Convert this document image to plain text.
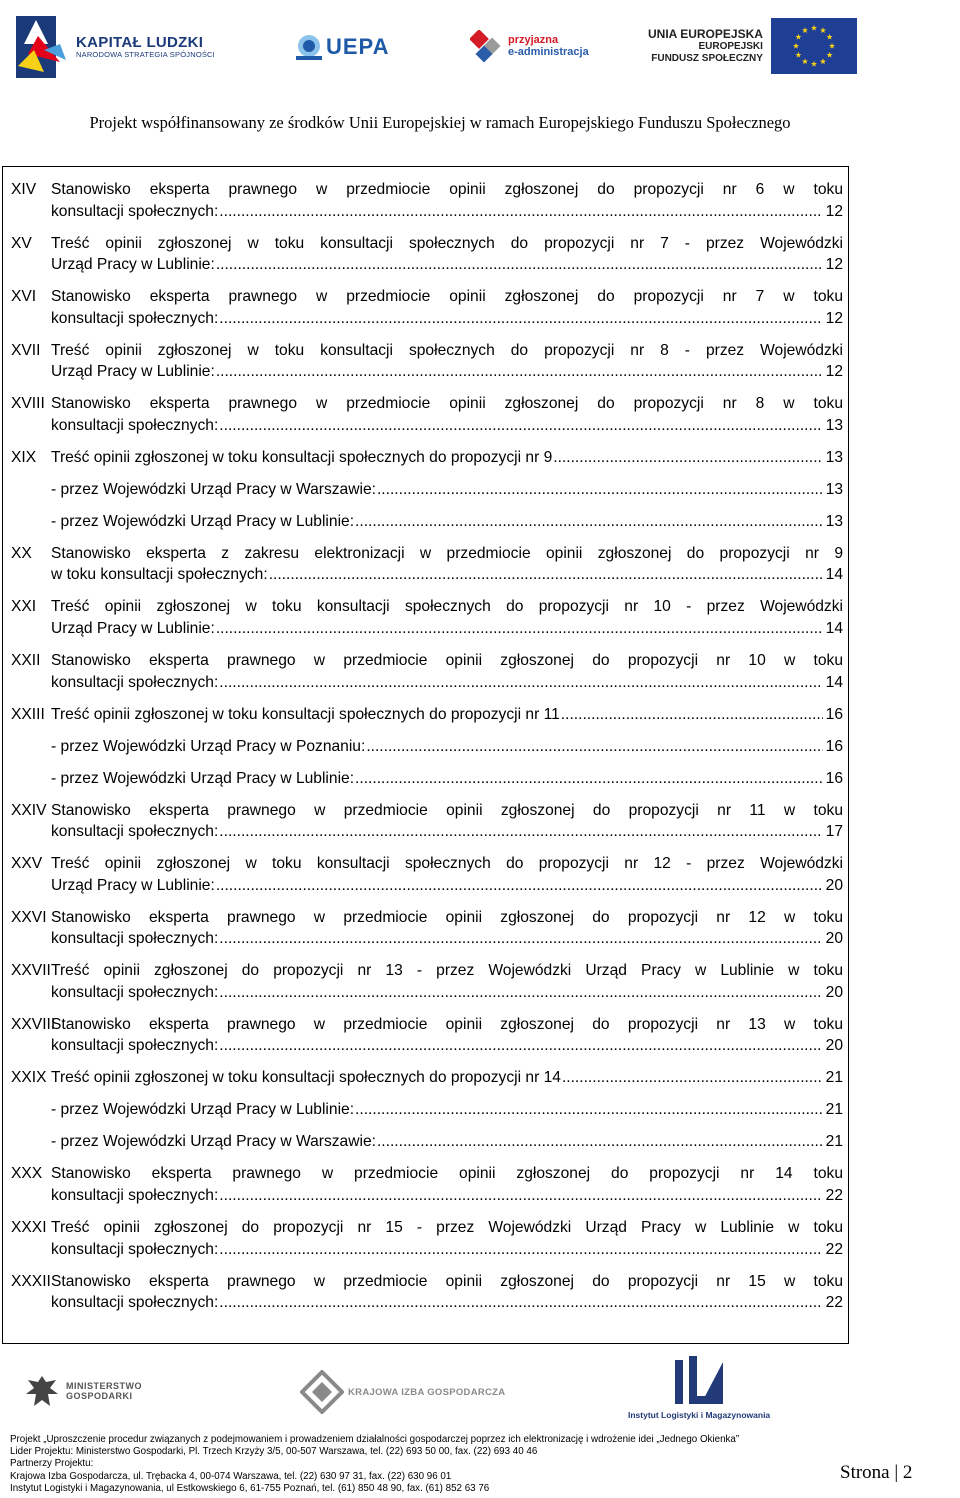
KAPITAŁ LUDZKI
NARODOWA STRATEGIA SPÓJNOŚCI	UEPA	przyjazna
e-administracja
UNIA EUROPEJSKA
EUROPEJSKI
FUNDUSZ SPOŁECZNY
Projekt współfinansowany ze środków Unii Europejskiej w ramach Europejskiego Funduszu Społecznego
XIV Stanowisko eksperta prawnego w przedmiocie opinii zgłoszonej do propozycji nr 6 w toku
konsultacji społecznych: .....	12
XV Treść opinii zgłoszonej w toku konsultacji społecznych do propozycji nr 7 - przez Wojewódzki
Urząd Pracy w Lublinie: .....	12
XVI Stanowisko eksperta prawnego w przedmiocie opinii zgłoszonej do propozycji nr 7 w toku
konsultacji społecznych: .....	12
XVII Treść opinii zgłoszonej w toku konsultacji społecznych do propozycji nr 8 - przez Wojewódzki
Urząd Pracy w Lublinie: .....	12
XVIII Stanowisko eksperta prawnego w przedmiocie opinii zgłoszonej do propozycji nr 8 w toku
konsultacji społecznych: .....	13
XIX Treść opinii zgłoszonej w toku konsultacji społecznych do propozycji nr 9 .....	13
- przez Wojewódzki Urząd Pracy w Warszawie: .....	13
- przez Wojewódzki Urząd Pracy w Lublinie: .....	13
XX Stanowisko eksperta z zakresu elektronizacji w przedmiocie opinii zgłoszonej do propozycji nr 9
w toku konsultacji społecznych: .....	14
XXI Treść opinii zgłoszonej w toku konsultacji społecznych do propozycji nr 10 - przez Wojewódzki
Urząd Pracy w Lublinie: .....	14
XXII Stanowisko eksperta prawnego w przedmiocie opinii zgłoszonej do propozycji nr 10 w toku
konsultacji społecznych: .....	14
XXIII Treść opinii zgłoszonej w toku konsultacji społecznych do propozycji nr 11 .....	16
- przez Wojewódzki Urząd Pracy w Poznaniu: .....	16
- przez Wojewódzki Urząd Pracy w Lublinie: .....	16
XXIV Stanowisko eksperta prawnego w przedmiocie opinii zgłoszonej do propozycji nr 11 w toku
konsultacji społecznych: .....	17
XXV Treść opinii zgłoszonej w toku konsultacji społecznych do propozycji nr 12 - przez Wojewódzki
Urząd Pracy w Lublinie: .....	20
XXVI Stanowisko eksperta prawnego w przedmiocie opinii zgłoszonej do propozycji nr 12 w toku
konsultacji społecznych: .....	20
XXVII Treść opinii zgłoszonej do propozycji nr 13 - przez Wojewódzki Urząd Pracy w Lublinie w toku
konsultacji społecznych: .....	20
XXVIII
Stanowisko eksperta prawnego w przedmiocie opinii zgłoszonej do propozycji nr 13 w toku
konsultacji społecznych: .....	20
XXIX Treść opinii zgłoszonej w toku konsultacji społecznych do propozycji nr 14 .....	21
- przez Wojewódzki Urząd Pracy w Lublinie: .....	21
- przez Wojewódzki Urząd Pracy w Warszawie: .....	21
XXX Stanowisko eksperta prawnego w przedmiocie opinii zgłoszonej do propozycji nr 14 toku
konsultacji społecznych: .....	22
XXXI Treść opinii zgłoszonej do propozycji nr 15 - przez Wojewódzki Urząd Pracy w Lublinie w toku
konsultacji społecznych: .....	22
XXXII Stanowisko eksperta prawnego w przedmiocie opinii zgłoszonej do propozycji nr 15 w toku
konsultacji społecznych: .....	22
MINISTERSTWO GOSPODARKI	KRAJOWA IZBA GOSPODARCZA
Instytut Logistyki i Magazynowania
Projekt „Uproszczenie procedur związanych z podejmowaniem i prowadzeniem działalności gospodarczej poprzez ich elektronizację i wdrożenie idei „Jednego Okienka”
Lider Projektu: Ministerstwo Gospodarki, Pl. Trzech Krzyży 3/5, 00-507 Warszawa, tel. (22) 693 50 00, fax. (22) 693 40 46
Partnerzy Projektu:
Krajowa Izba Gospodarcza, ul. Trębacka 4, 00-074 Warszawa, tel. (22) 630 97 31, fax. (22) 630 96 01
Instytut Logistyki i Magazynowania, ul Estkowskiego 6, 61-755 Poznań, tel. (61) 850 48 90, fax. (61) 852 63 76
Strona | 2
